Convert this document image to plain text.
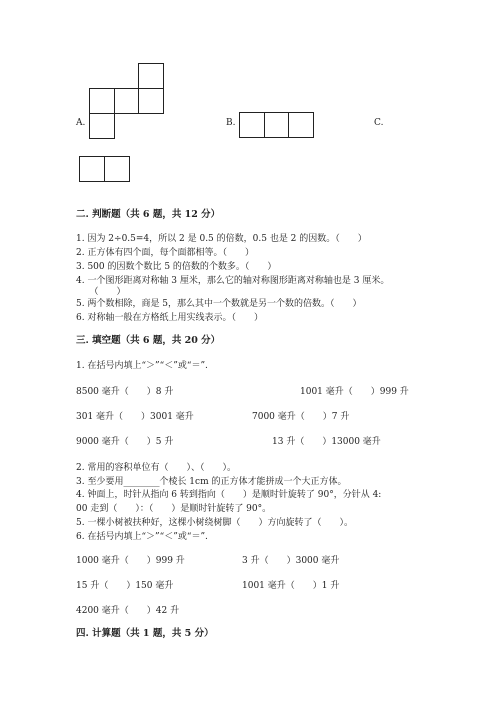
A.	B.	C.
二. 判断题（共 6 题，共 12 分）
1. 因为 2÷0.5=4，所以 2 是 0.5 的倍数，0.5 也是 2 的因数。（　　）
2. 正方体有四个面，每个面都相等。（　　）
3. 500 的因数个数比 5 的倍数的个数多。（　　）
4. 一个图形距离对称轴 3 厘米，那么它的轴对称图形距离对称轴也是 3 厘米。
　　（　　）
5. 两个数相除，商是 5，那么其中一个数就是另一个数的倍数。（　　）
6. 对称轴一般在方格纸上用实线表示。（　　）
三. 填空题（共 6 题，共 20 分）
1. 在括号内填上“＞”“＜”或“＝”.
8500 毫升（　　）8 升	1001 毫升（　　）999 升
301 毫升（　　）3001 毫升	7000 毫升（　　）7 升
9000 毫升（　　）5 升	13 升（　　）13000 毫升
2. 常用的容积单位有（　　）、（　　）。
3. 至少要用________个棱长 1cm 的正方体才能拼成一个大正方体。
4. 钟面上，时针从指向 6 转到指向（　　）是顺时针旋转了 90°，分针从 4:
00 走到（　　）：（　　）是顺时针旋转了 90°。
5. 一棵小树被扶种好，这棵小树绕树脚（　　）方向旋转了（　　）。
6. 在括号内填上“＞”“＜”或“＝”.
1000 毫升（　　）999 升	3 升（　　）3000 毫升
15 升（　　）150 毫升	1001 毫升（　　）1 升
4200 毫升（　　）42 升
四. 计算题（共 1 题，共 5 分）
